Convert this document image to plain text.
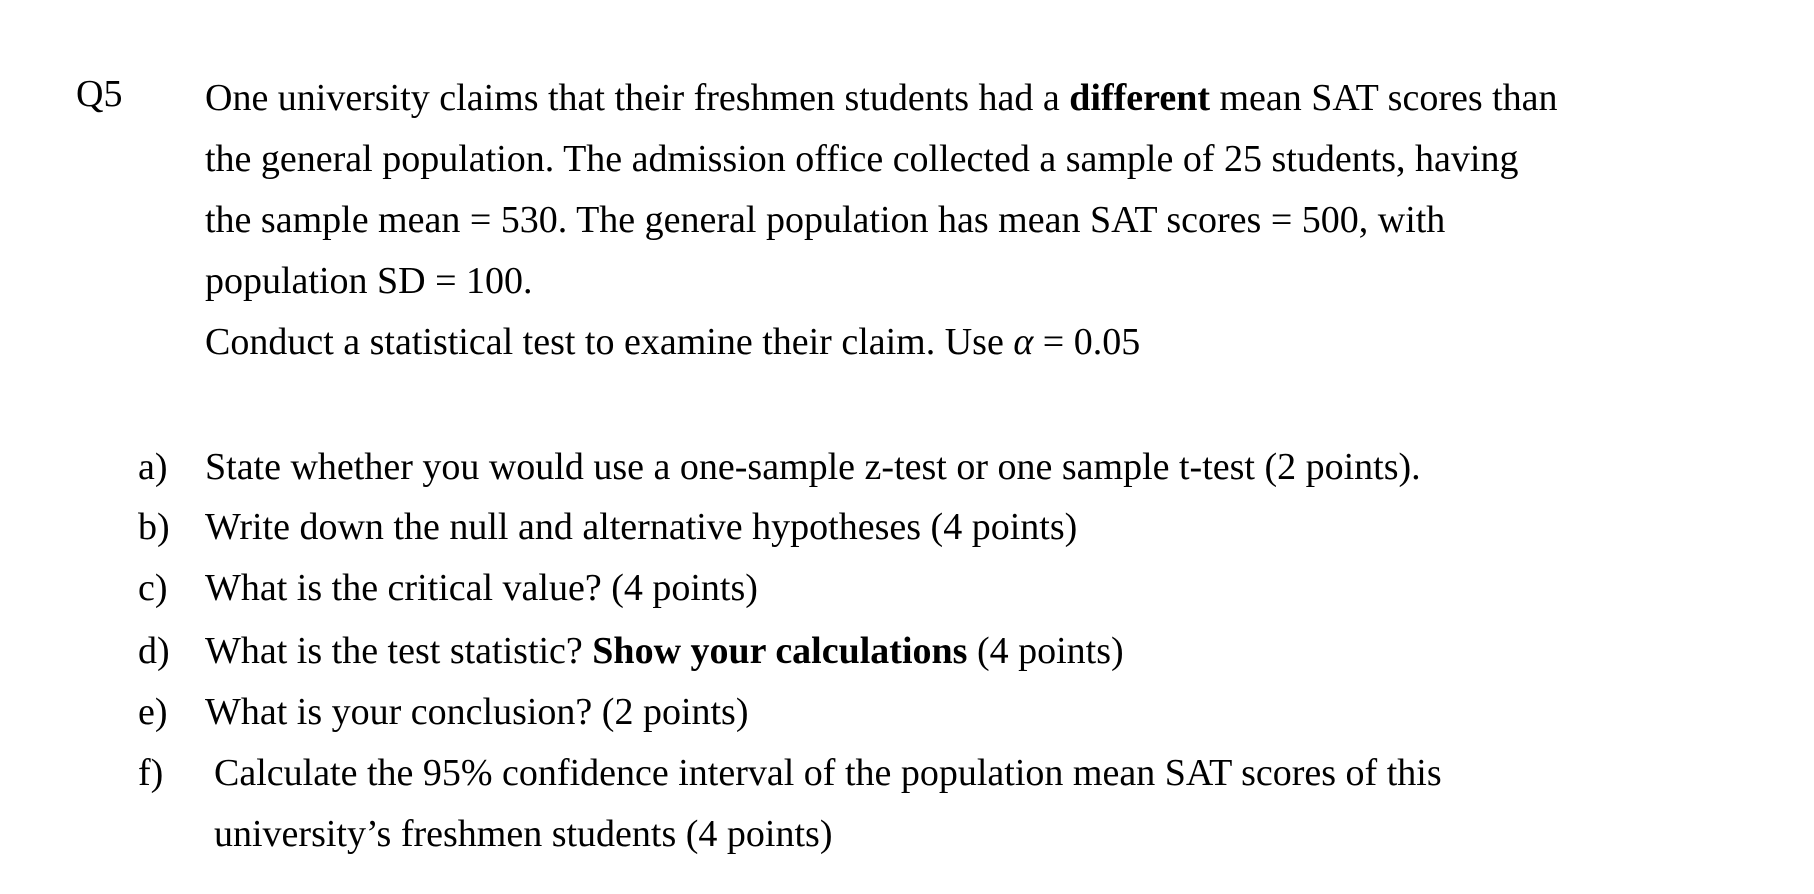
Q5 One university claims that their freshmen students had a different mean SAT scores than
the general population. The admission office collected a sample of 25 students, having
the sample mean = 530. The general population has mean SAT scores = 500, with
population SD = 100.
Conduct a statistical test to examine their claim. Use α = 0.05
a) State whether you would use a one-sample z-test or one sample t-test (2 points).
b) Write down the null and alternative hypotheses (4 points)
c) What is the critical value? (4 points)
d) What is the test statistic? Show your calculations (4 points)
e) What is your conclusion? (2 points)
f) Calculate the 95% confidence interval of the population mean SAT scores of this
university’s freshmen students (4 points)
